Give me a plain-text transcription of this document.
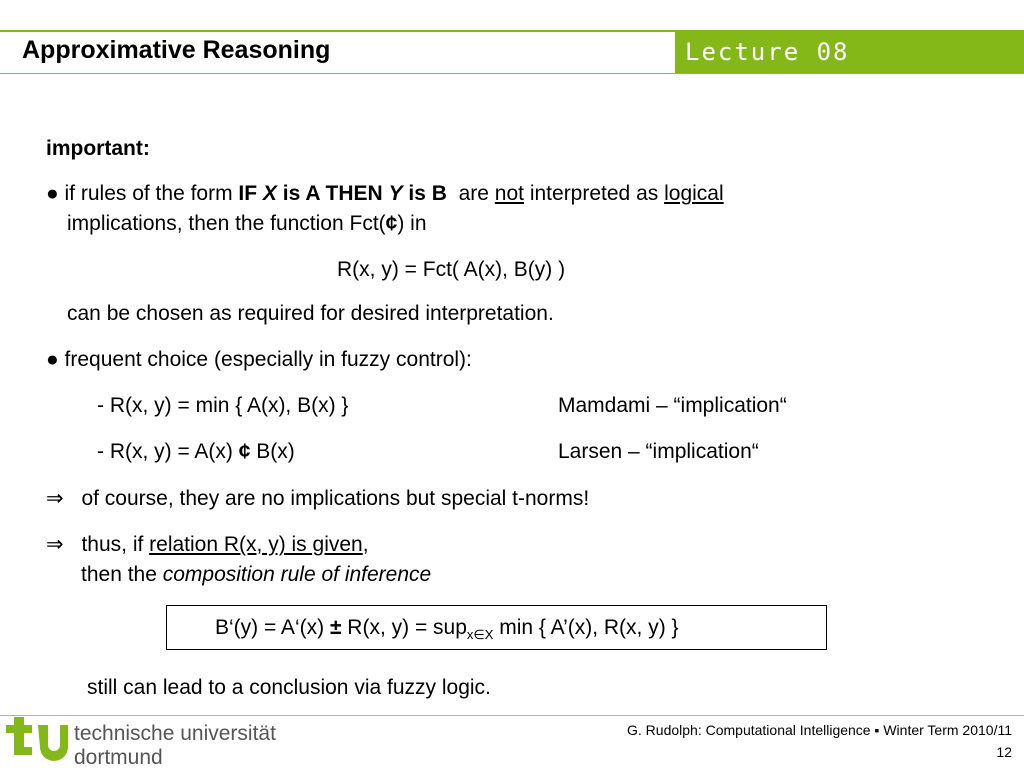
Approximative Reasoning	Lecture 08
important:
● if rules of the form IF X is A THEN Y is B  are not interpreted as logical
implications, then the function Fct(¢) in
R(x, y) = Fct( A(x), B(y) )
can be chosen as required for desired interpretation.
● frequent choice (especially in fuzzy control):
- R(x, y) = min { A(x), B(x) }	Mamdami – “implication“
- R(x, y) = A(x) ¢ B(x)	Larsen – “implication“
⇒ of course, they are no implications but special t-norms!
⇒ thus, if relation R(x, y) is given,
then the composition rule of inference
B‘(y) = A‘(x) ± R(x, y) = sup$_{x\in X}$ min { A’(x), R(x, y) }
still can lead to a conclusion via fuzzy logic.
technische universität
dortmund
G. Rudolph: Computational Intelligence ▪ Winter Term 2010/11
12
